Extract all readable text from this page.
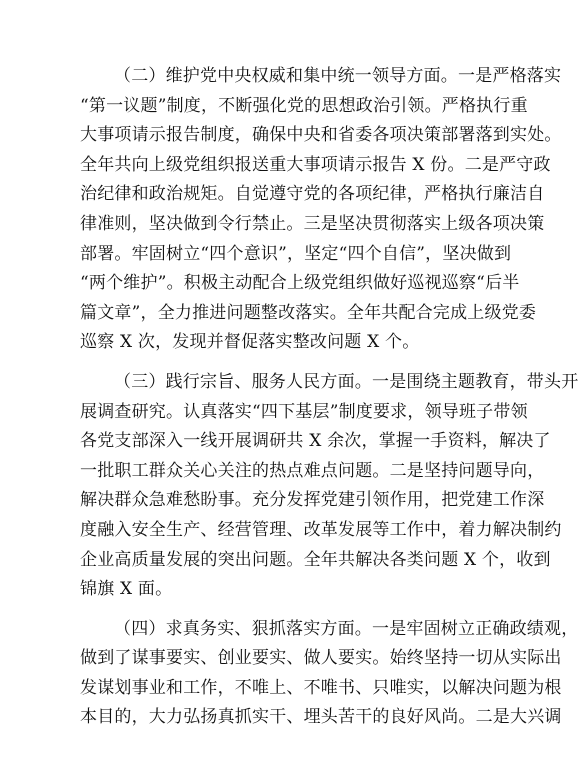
（二）维护党中央权威和集中统一领导方面。一是严格落实
“第一议题”制度，不断强化党的思想政治引领。严格执行重
大事项请示报告制度，确保中央和省委各项决策部署落到实处。
全年共向上级党组织报送重大事项请示报告 X 份。二是严守政
治纪律和政治规矩。自觉遵守党的各项纪律，严格执行廉洁自
律准则，坚决做到令行禁止。三是坚决贯彻落实上级各项决策
部署。牢固树立“四个意识”，坚定“四个自信”，坚决做到
“两个维护”。积极主动配合上级党组织做好巡视巡察“后半
篇文章”，全力推进问题整改落实。全年共配合完成上级党委
巡察 X 次，发现并督促落实整改问题 X 个。
（三）践行宗旨、服务人民方面。一是围绕主题教育，带头开
展调查研究。认真落实“四下基层”制度要求，领导班子带领
各党支部深入一线开展调研共 X 余次，掌握一手资料，解决了
一批职工群众关心关注的热点难点问题。二是坚持问题导向，
解决群众急难愁盼事。充分发挥党建引领作用，把党建工作深
度融入安全生产、经营管理、改革发展等工作中，着力解决制约
企业高质量发展的突出问题。全年共解决各类问题 X 个，收到
锦旗 X 面。
（四）求真务实、狠抓落实方面。一是牢固树立正确政绩观，
做到了谋事要实、创业要实、做人要实。始终坚持一切从实际出
发谋划事业和工作，不唯上、不唯书、只唯实，以解决问题为根
本目的，大力弘扬真抓实干、埋头苦干的良好风尚。二是大兴调
